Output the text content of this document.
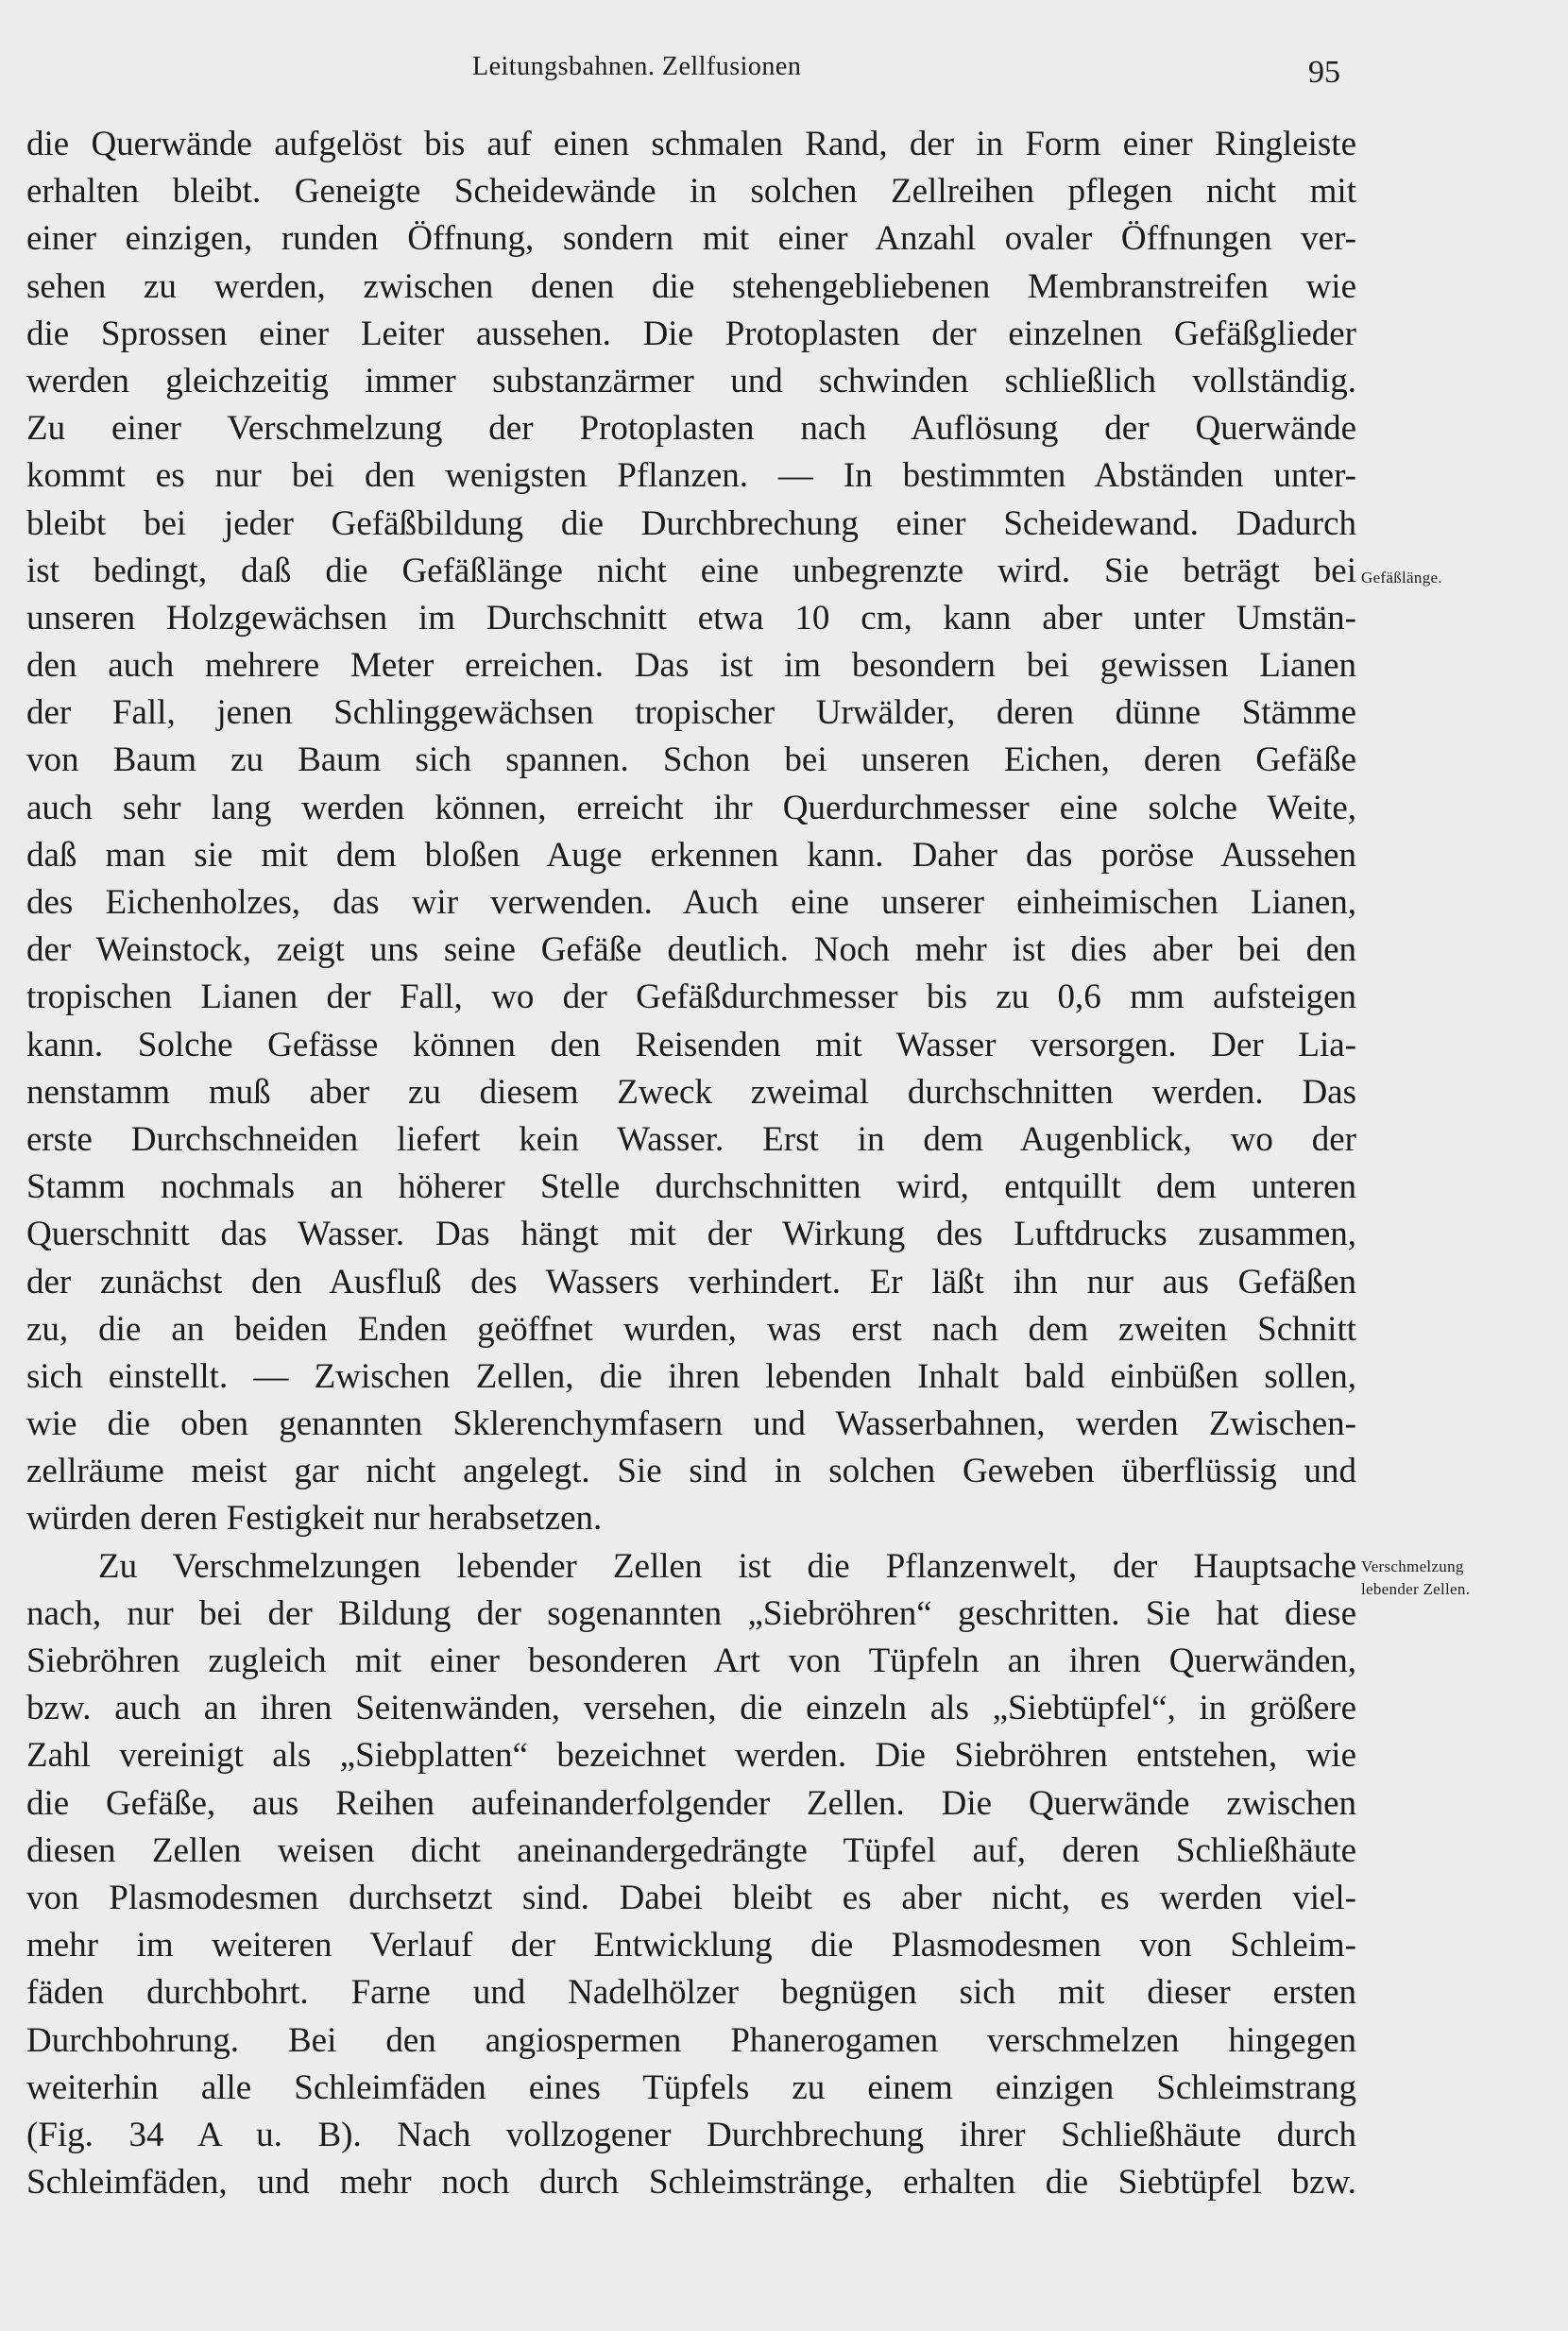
Leitungsbahnen. Zellfusionen	95
die Querwände aufgelöst bis auf einen schmalen Rand, der in Form einer Ringleiste
erhalten bleibt. Geneigte Scheidewände in solchen Zellreihen pflegen nicht mit
einer einzigen, runden Öffnung, sondern mit einer Anzahl ovaler Öffnungen ver-
sehen zu werden, zwischen denen die stehengebliebenen Membranstreifen wie
die Sprossen einer Leiter aussehen. Die Protoplasten der einzelnen Gefäßglieder
werden gleichzeitig immer substanzärmer und schwinden schließlich vollständig.
Zu einer Verschmelzung der Protoplasten nach Auflösung der Querwände
kommt es nur bei den wenigsten Pflanzen. — In bestimmten Abständen unter-
bleibt bei jeder Gefäßbildung die Durchbrechung einer Scheidewand. Dadurch
ist bedingt, daß die Gefäßlänge nicht eine unbegrenzte wird. Sie beträgt bei
unseren Holzgewächsen im Durchschnitt etwa 10 cm, kann aber unter Umstän-
den auch mehrere Meter erreichen. Das ist im besondern bei gewissen Lianen
der Fall, jenen Schlinggewächsen tropischer Urwälder, deren dünne Stämme
von Baum zu Baum sich spannen. Schon bei unseren Eichen, deren Gefäße
auch sehr lang werden können, erreicht ihr Querdurchmesser eine solche Weite,
daß man sie mit dem bloßen Auge erkennen kann. Daher das poröse Aussehen
des Eichenholzes, das wir verwenden. Auch eine unserer einheimischen Lianen,
der Weinstock, zeigt uns seine Gefäße deutlich. Noch mehr ist dies aber bei den
tropischen Lianen der Fall, wo der Gefäßdurchmesser bis zu 0,6 mm aufsteigen
kann. Solche Gefässe können den Reisenden mit Wasser versorgen. Der Lia-
nenstamm muß aber zu diesem Zweck zweimal durchschnitten werden. Das
erste Durchschneiden liefert kein Wasser. Erst in dem Augenblick, wo der
Stamm nochmals an höherer Stelle durchschnitten wird, entquillt dem unteren
Querschnitt das Wasser. Das hängt mit der Wirkung des Luftdrucks zusammen,
der zunächst den Ausfluß des Wassers verhindert. Er läßt ihn nur aus Gefäßen
zu, die an beiden Enden geöffnet wurden, was erst nach dem zweiten Schnitt
sich einstellt. — Zwischen Zellen, die ihren lebenden Inhalt bald einbüßen sollen,
wie die oben genannten Sklerenchymfasern und Wasserbahnen, werden Zwischen-
zellräume meist gar nicht angelegt. Sie sind in solchen Geweben überflüssig und
würden deren Festigkeit nur herabsetzen.
Zu Verschmelzungen lebender Zellen ist die Pflanzenwelt, der Hauptsache
nach, nur bei der Bildung der sogenannten „Siebröhren“ geschritten. Sie hat diese
Siebröhren zugleich mit einer besonderen Art von Tüpfeln an ihren Querwänden,
bzw. auch an ihren Seitenwänden, versehen, die einzeln als „Siebtüpfel“, in größere
Zahl vereinigt als „Siebplatten“ bezeichnet werden. Die Siebröhren entstehen, wie
die Gefäße, aus Reihen aufeinanderfolgender Zellen. Die Querwände zwischen
diesen Zellen weisen dicht aneinandergedrängte Tüpfel auf, deren Schließhäute
von Plasmodesmen durchsetzt sind. Dabei bleibt es aber nicht, es werden viel-
mehr im weiteren Verlauf der Entwicklung die Plasmodesmen von Schleim-
fäden durchbohrt. Farne und Nadelhölzer begnügen sich mit dieser ersten
Durchbohrung. Bei den angiospermen Phanerogamen verschmelzen hingegen
weiterhin alle Schleimfäden eines Tüpfels zu einem einzigen Schleimstrang
(Fig. 34 A u. B). Nach vollzogener Durchbrechung ihrer Schließhäute durch
Schleimfäden, und mehr noch durch Schleimstränge, erhalten die Siebtüpfel bzw.
Gefäßlänge.
Verschmelzung
lebender Zellen.
